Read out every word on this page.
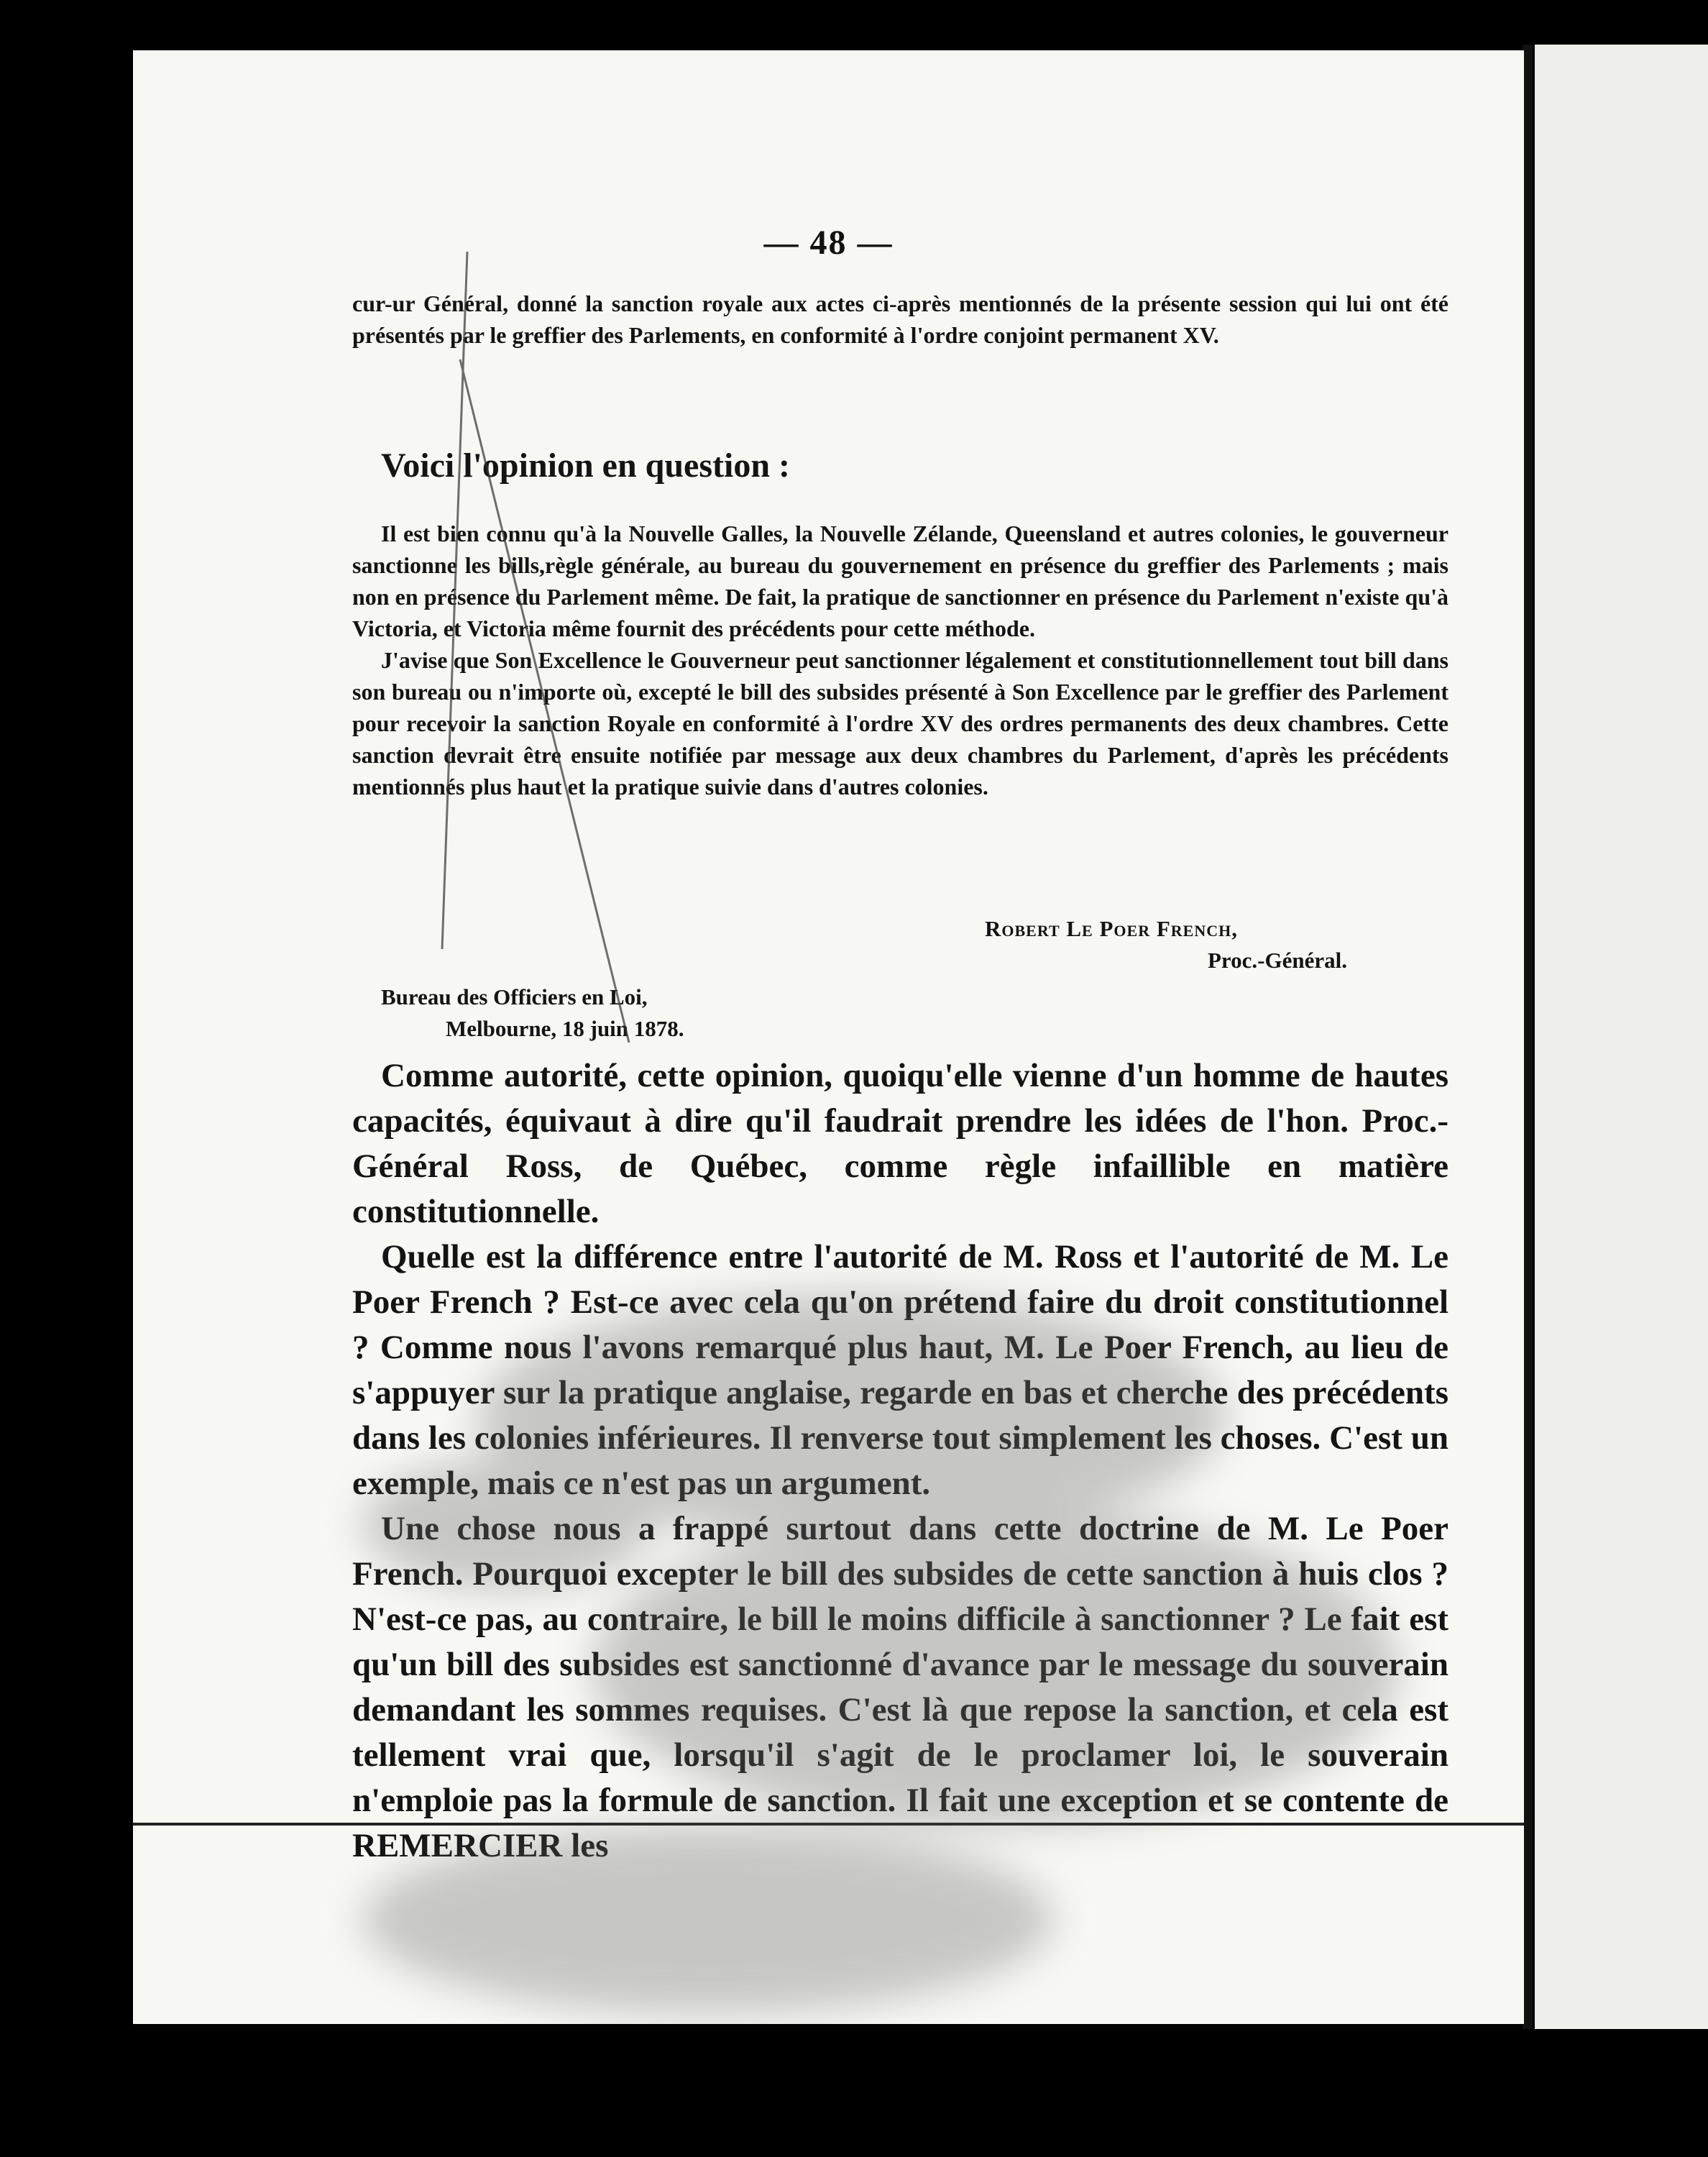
— 48 —

cur-ur Général, donné la sanction royale aux actes ci-après mentionnés de la présente session qui lui ont été présentés par le greffier des Parlements, en conformité à l'ordre conjoint permanent XV.

Voici l'opinion en question :

Il est bien connu qu'à la Nouvelle Galles, la Nouvelle Zélande, Queensland et autres colonies, le gouverneur sanctionne les bills,règle générale, au bureau du gouvernement en présence du greffier des Parlements ; mais non en présence du Parlement même. De fait, la pratique de sanctionner en présence du Parlement n'existe qu'à Victoria, et Victoria même fournit des précédents pour cette méthode.

J'avise que Son Excellence le Gouverneur peut sanctionner légalement et constitutionnellement tout bill dans son bureau ou n'importe où, excepté le bill des subsides présenté à Son Excellence par le greffier des Parlement pour recevoir la sanction Royale en conformité à l'ordre XV des ordres permanents des deux chambres. Cette sanction devrait être ensuite notifiée par message aux deux chambres du Parlement, d'après les précédents mentionnés plus haut et la pratique suivie dans d'autres colonies.

Robert Le Poer French,
Proc.-Général.
Bureau des Officiers en Loi,
Melbourne, 18 juin 1878.

Comme autorité, cette opinion, quoiqu'elle vienne d'un homme de hautes capacités, équivaut à dire qu'il faudrait prendre les idées de l'hon. Proc.-Général Ross, de Québec, comme règle infaillible en matière constitutionnelle.

Quelle est la différence entre l'autorité de M. Ross et l'autorité de M. Le Poer French ? Est-ce avec cela qu'on prétend faire du droit constitutionnel ? Comme nous l'avons remarqué plus haut, M. Le Poer French, au lieu de s'appuyer sur la pratique anglaise, regarde en bas et cherche des précédents dans les colonies inférieures. Il renverse tout simplement les choses. C'est un exemple, mais ce n'est pas un argument.

Une chose nous a frappé surtout dans cette doctrine de M. Le Poer French. Pourquoi excepter le bill des subsides de cette sanction à huis clos ? N'est-ce pas, au contraire, le bill le moins difficile à sanctionner ? Le fait est qu'un bill des subsides est sanctionné d'avance par le message du souverain demandant les sommes requises. C'est là que repose la sanction, et cela est tellement vrai que, lorsqu'il s'agit de le proclamer loi, le souverain n'emploie pas la formule de sanction. Il fait une exception et se contente de REMERCIER les
